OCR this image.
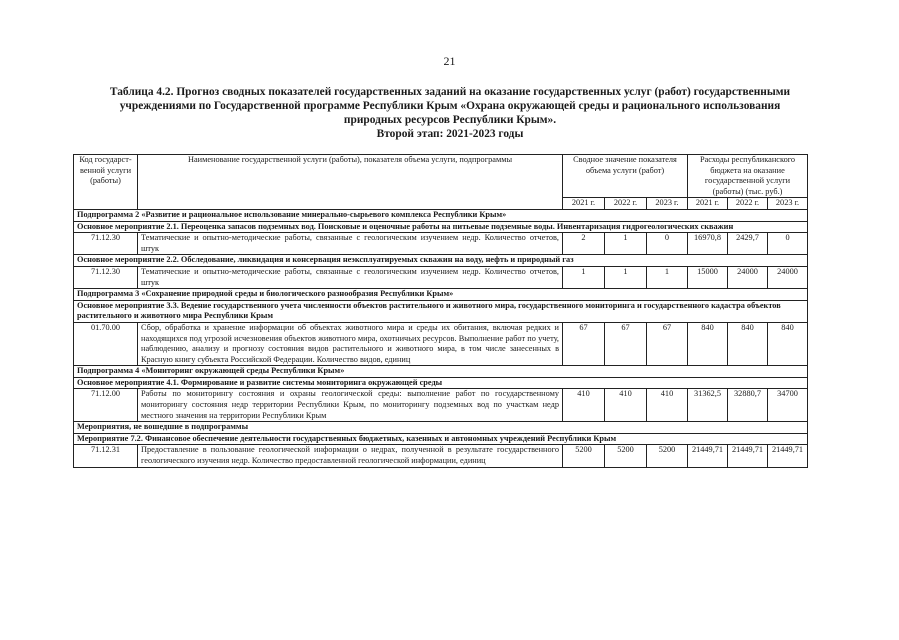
21
Таблица 4.2. Прогноз сводных показателей государственных заданий на оказание государственных услуг (работ) государственными
учреждениями по Государственной программе Республики Крым «Охрана окружающей среды и рационального использования
природных ресурсов Республики Крым».
Второй этап: 2021-2023 годы
Код государст-венной услуги (работы)	Наименование государственной услуги (работы), показателя объема услуги, подпрограммы	Сводное значение показателя объема услуги (работ)			Расходы республиканского бюджета на оказание государственной услуги (работы) (тыс. руб.)		
		2021 г.	2022 г.	2023 г.	2021 г.	2022 г.	2023 г.
Подпрограмма 2 «Развитие и рациональное использование минерально-сырьевого комплекса Республики Крым»							
Основное мероприятие 2.1. Переоценка запасов подземных вод. Поисковые и оценочные работы на питьевые подземные воды. Инвентаризация гидрогеологических скважин							
71.12.30	Тематические и опытно-методические работы, связанные с геологическим изучением недр. Количество отчетов, штук	2	1	0	16970,8	2429,7	0
Основное мероприятие 2.2. Обследование, ликвидация и консервация неэксплуатируемых скважин на воду, нефть и природный газ							
71.12.30	Тематические и опытно-методические работы, связанные с геологическим изучением недр. Количество отчетов, штук	1	1	1	15000	24000	24000
Подпрограмма 3 «Сохранение природной среды и биологического разнообразия Республики Крым»							
Основное мероприятие 3.3. Ведение государственного учета численности объектов растительного и животного мира, государственного мониторинга и государственного кадастра объектов растительного и животного мира Республики Крым							
01.70.00	Сбор, обработка и хранение информации об объектах животного мира и среды их обитания, включая редких и находящихся под угрозой исчезновения объектов животного мира, охотничьих ресурсов. Выполнение работ по учету, наблюдению, анализу и прогнозу состояния видов растительного и животного мира, в том числе занесенных в Красную книгу субъекта Российской Федерации. Количество видов, единиц	67	67	67	840	840	840
Подпрограмма 4 «Мониторинг окружающей среды Республики Крым»							
Основное мероприятие 4.1. Формирование и развитие системы мониторинга окружающей среды							
71.12.00	Работы по мониторингу состояния и охраны геологической среды: выполнение работ по государственному мониторингу состояния недр территории Республики Крым, по мониторингу подземных вод по участкам недр местного значения на территории Республики Крым	410	410	410	31362,5	32880,7	34700
Мероприятия, не вошедшие в подпрограммы							
Мероприятие 7.2. Финансовое обеспечение деятельности государственных бюджетных, казенных и автономных учреждений Республики Крым							
71.12.31	Предоставление в пользование геологической информации о недрах, полученной в результате государственного геологического изучения недр. Количество предоставленной геологической информации, единиц	5200	5200	5200	21449,71	21449,71	21449,71
